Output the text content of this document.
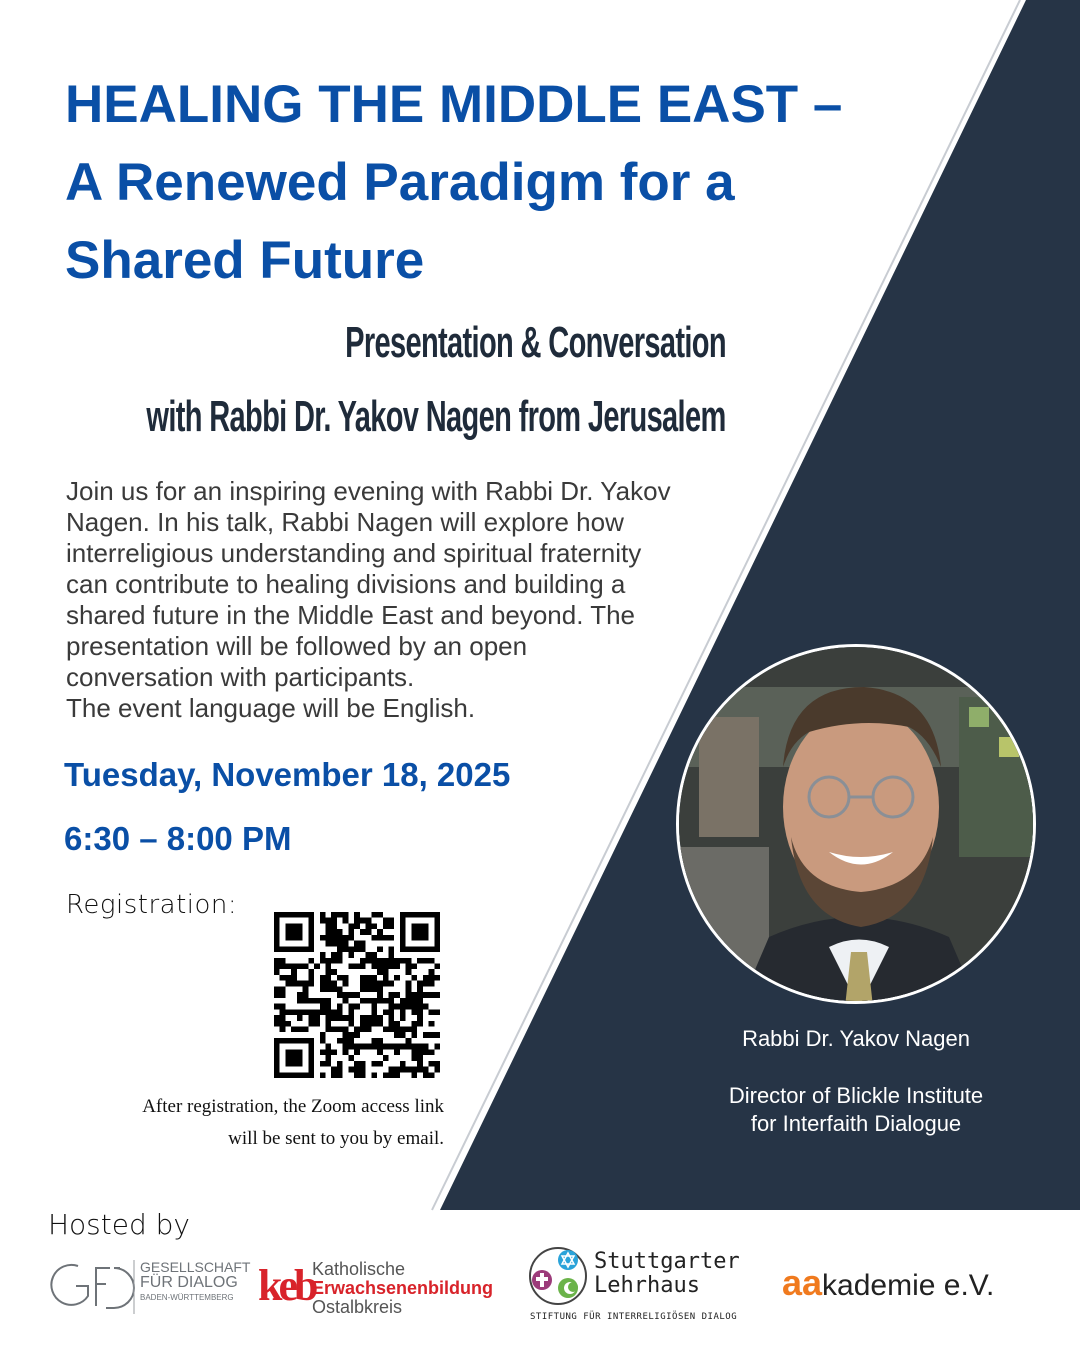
HEALING THE MIDDLE EAST –
A Renewed Paradigm for a
Shared Future
Presentation & Conversation
with Rabbi Dr. Yakov Nagen from Jerusalem
Join us for an inspiring evening with Rabbi Dr. Yakov
Nagen. In his talk, Rabbi Nagen will explore how
interreligious understanding and spiritual fraternity
can contribute to healing divisions and building a
shared future in the Middle East and beyond. The
presentation will be followed by an open
conversation with participants.
The event language will be English.
Tuesday, November 18, 2025
6:30 – 8:00 PM
Registration:
After registration, the Zoom access link
will be sent to you by email.
Rabbi Dr. Yakov Nagen
Director of Blickle Institute
for Interfaith Dialogue
Hosted by
GESELLSCHAFT
FÜR DIALOG
BADEN-WÜRTTEMBERG keb
Katholische
Erwachsenenbildung
Ostalbkreis
Stuttgarter
Lehrhaus
STIFTUNG FÜR INTERRELIGIÖSEN DIALOG
aakademie e.V.
